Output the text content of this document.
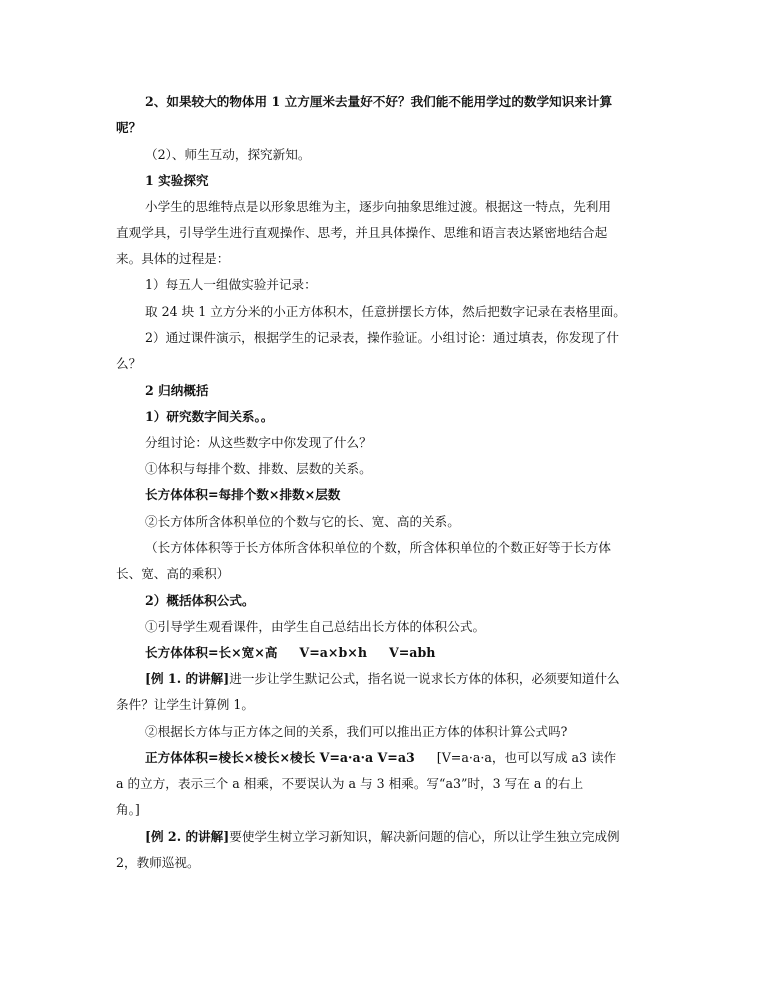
2、如果较大的物体用 1 立方厘米去量好不好？我们能不能用学过的数学知识来计算

呢？

（2）、师生互动，探究新知。

1 实验探究

小学生的思维特点是以形象思维为主，逐步向抽象思维过渡。根据这一特点，先利用

直观学具，引导学生进行直观操作、思考，并且具体操作、思维和语言表达紧密地结合起

来。具体的过程是：

1）每五人一组做实验并记录：

取 24 块 1 立方分米的小正方体积木，任意拼摆长方体，然后把数字记录在表格里面。

2）通过课件演示，根据学生的记录表，操作验证。小组讨论：通过填表，你发现了什

么？

2 归纳概括

1）研究数字间关系。。

分组讨论：从这些数字中你发现了什么？

①体积与每排个数、排数、层数的关系。

长方体体积=每排个数×排数×层数

②长方体所含体积单位的个数与它的长、宽、高的关系。

（长方体体积等于长方体所含体积单位的个数，所含体积单位的个数正好等于长方体

长、宽、高的乘积）

2）概括体积公式。

①引导学生观看课件，由学生自己总结出长方体的体积公式。

长方体体积=长×宽×高 V=a×b×h V=abh

[例 1. 的讲解]进一步让学生默记公式，指名说一说求长方体的体积，必须要知道什么

条件？让学生计算例 1。

②根据长方体与正方体之间的关系，我们可以推出正方体的体积计算公式吗?

正方体体积=棱长×棱长×棱长 V=a·a·a V=a3 [V=a·a·a，也可以写成 a3 读作

a 的立方，表示三个 a 相乘，不要误认为 a 与 3 相乘。写“a3”时，3 写在 a 的右上

角。]

[例 2. 的讲解]要使学生树立学习新知识，解决新问题的信心，所以让学生独立完成例

2，教师巡视。
